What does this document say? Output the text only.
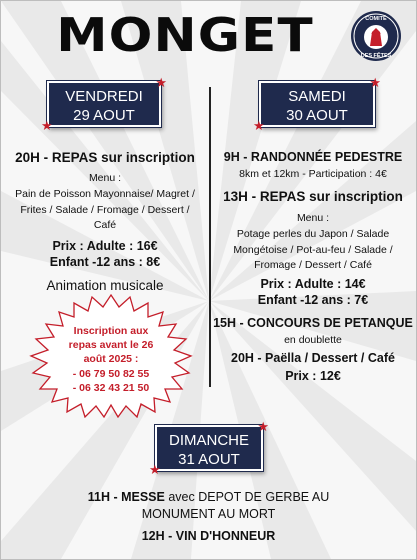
MONGET	COMITÉ
DES FÊTES
★
★
VENDREDI
29 AOUT
20H - REPAS sur inscription
Menu :
Pain de Poisson Mayonnaise/ Magret /
Frites / Salade / Fromage / Dessert /
Café
Prix : Adulte : 16€
Enfant -12 ans : 8€
Animation musicale
Inscription aux
repas avant le 26
août 2025 :
- 06 79 50 82 55
- 06 32 43 21 50
★
★
SAMEDI
30 AOUT
9H - RANDONNÉE PEDESTRE
8km et 12km - Participation : 4€
13H - REPAS sur inscription
Menu :
Potage perles du Japon / Salade
Mongétoise / Pot-au-feu / Salade /
Fromage / Dessert / Café
Prix : Adulte : 14€
Enfant -12 ans : 7€
15H - CONCOURS DE PETANQUE
en doublette
20H - Paëlla / Dessert / Café
Prix : 12€
★
★
DIMANCHE
31 AOUT
11H - MESSE avec DEPOT DE GERBE AU
MONUMENT AU MORT
12H - VIN D'HONNEUR
